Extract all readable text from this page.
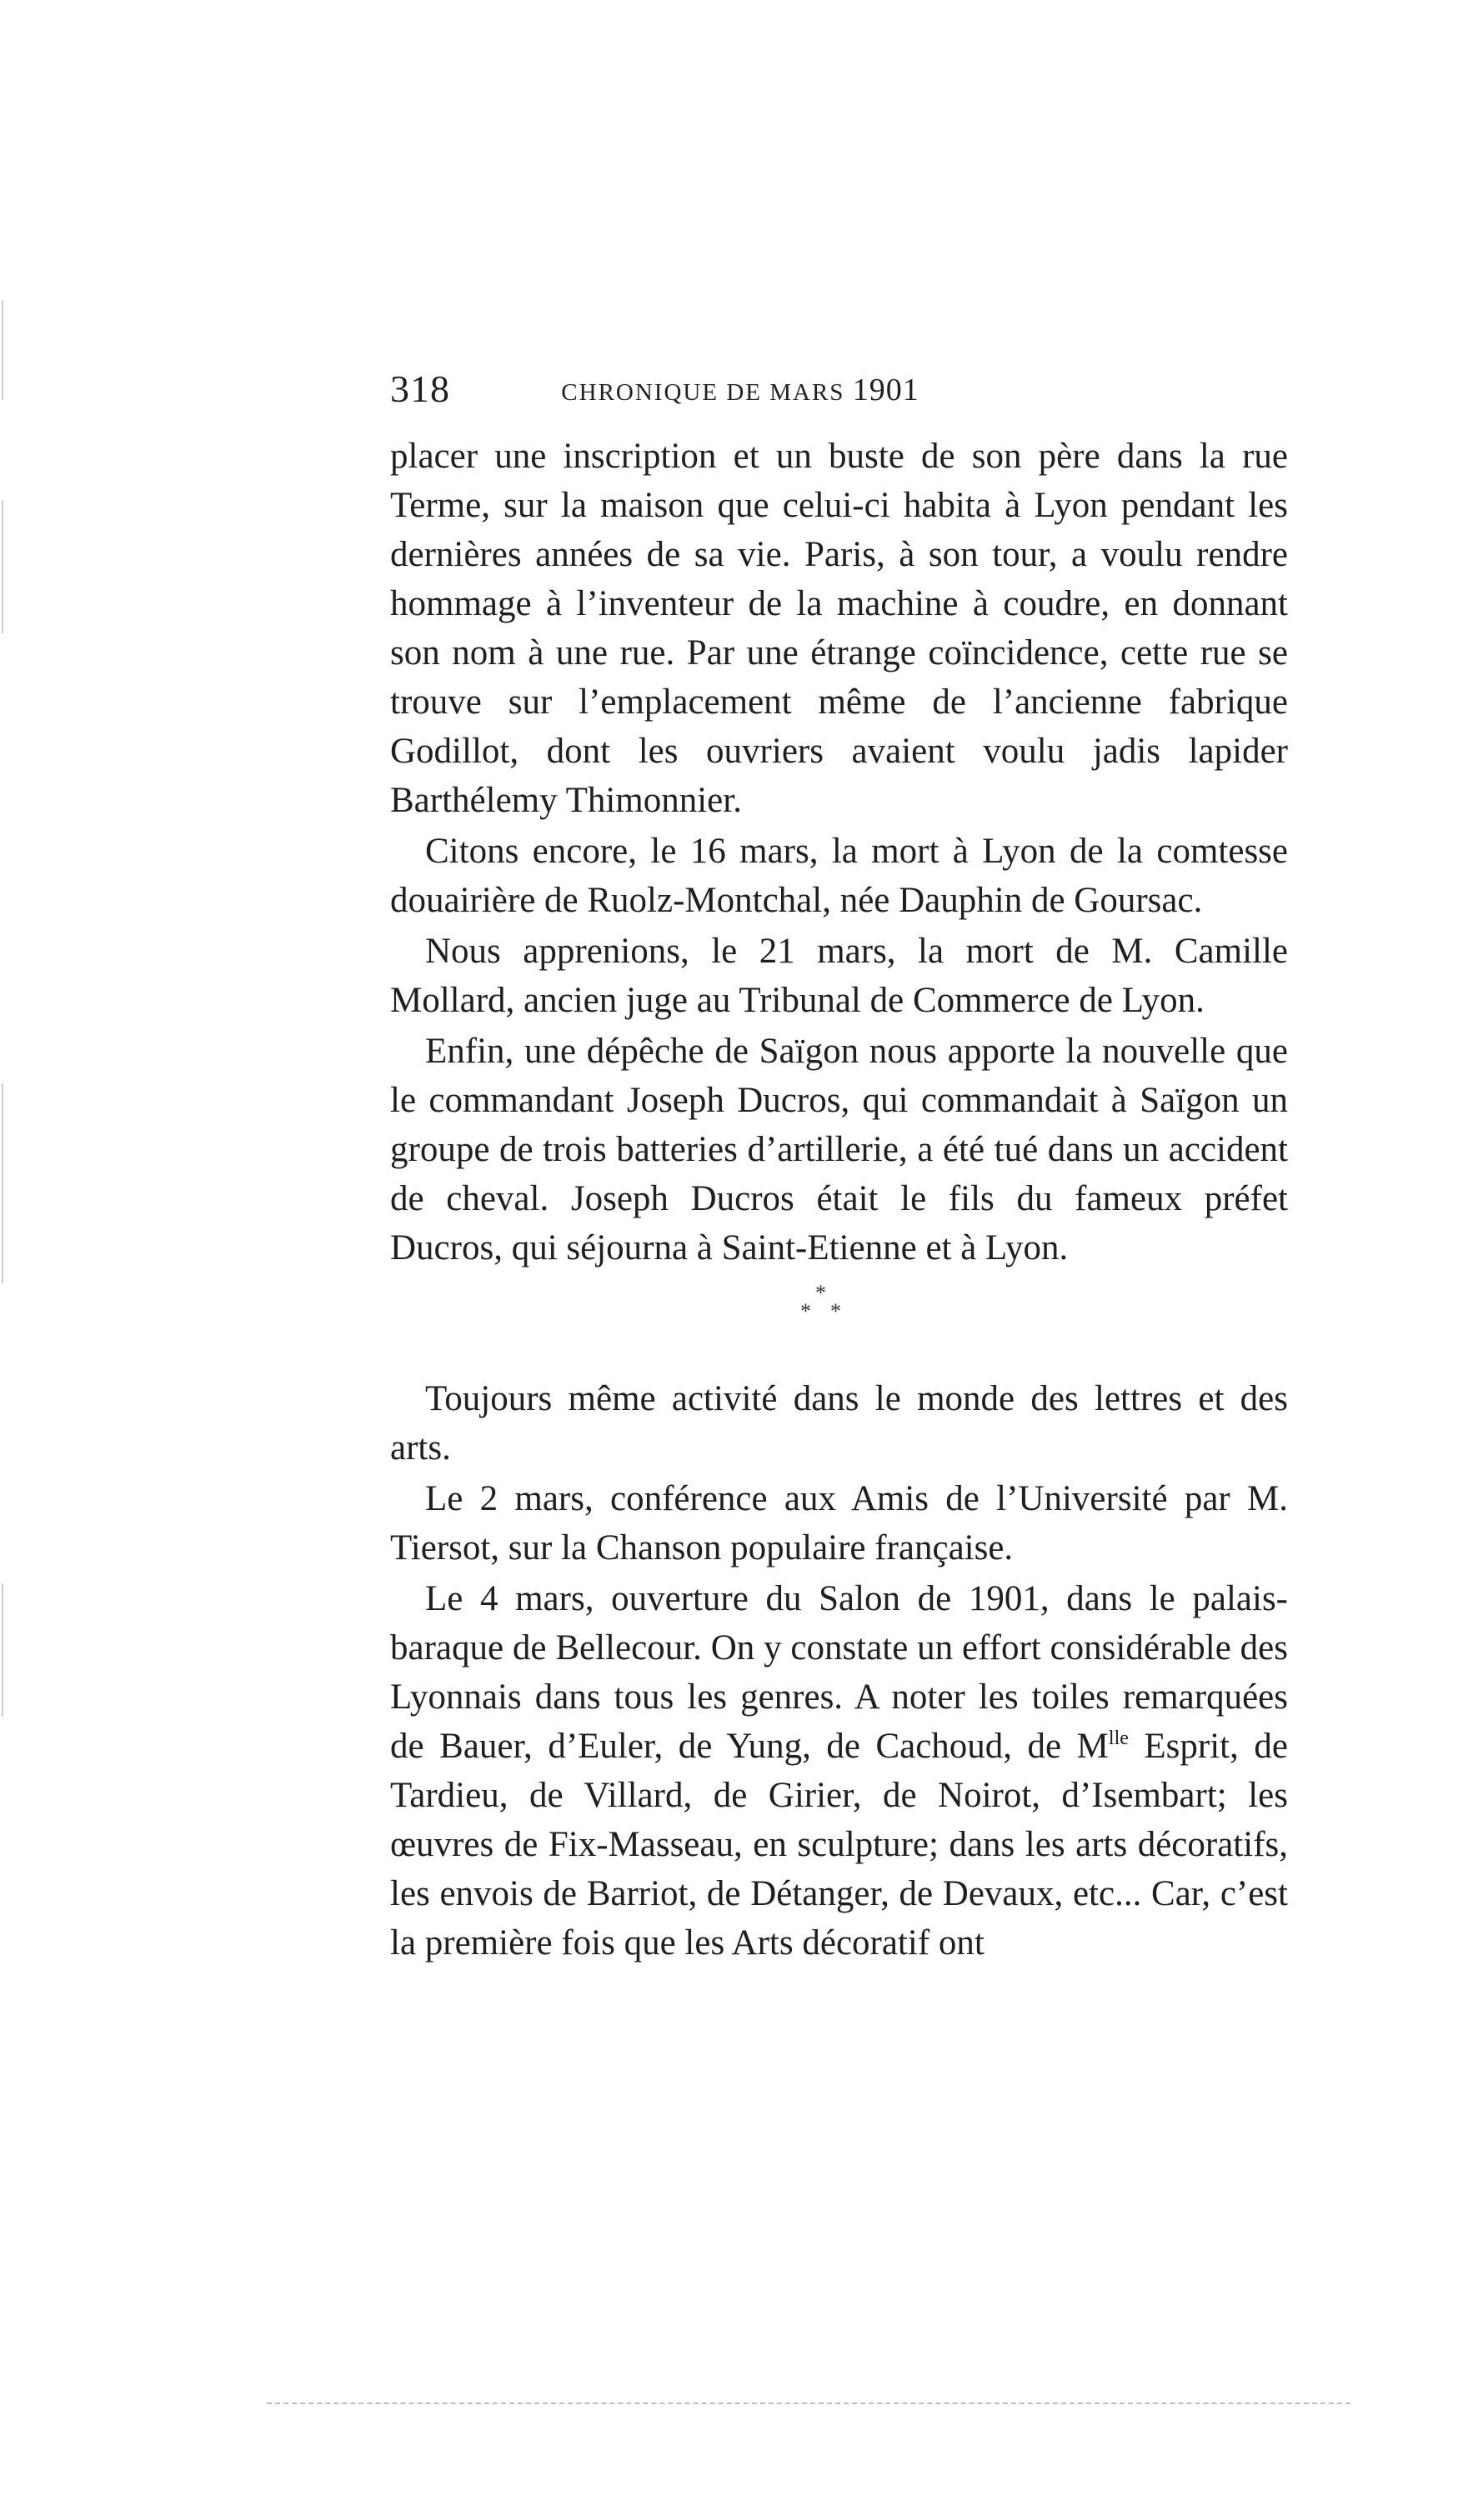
318	CHRONIQUE DE MARS 1901

placer une inscription et un buste de son père dans la rue Terme, sur la maison que celui-ci habita à Lyon pendant les dernières années de sa vie. Paris, à son tour, a voulu rendre hommage à l’inventeur de la machine à coudre, en donnant son nom à une rue. Par une étrange coïncidence, cette rue se trouve sur l’emplacement même de l’ancienne fabrique Godillot, dont les ouvriers avaient voulu jadis lapider Barthélemy Thimonnier.

Citons encore, le 16 mars, la mort à Lyon de la comtesse douairière de Ruolz-Montchal, née Dauphin de Goursac.

Nous apprenions, le 21 mars, la mort de M. Camille Mollard, ancien juge au Tribunal de Commerce de Lyon.

Enfin, une dépêche de Saïgon nous apporte la nouvelle que le commandant Joseph Ducros, qui commandait à Saïgon un groupe de trois batteries d’artillerie, a été tué dans un accident de cheval. Joseph Ducros était le fils du fameux préfet Ducros, qui séjourna à Saint-Etienne et à Lyon.

*
* *

Toujours même activité dans le monde des lettres et des arts.

Le 2 mars, conférence aux Amis de l’Université par M. Tiersot, sur la Chanson populaire française.

Le 4 mars, ouverture du Salon de 1901, dans le palais-baraque de Bellecour. On y constate un effort considérable des Lyonnais dans tous les genres. A noter les toiles remarquées de Bauer, d’Euler, de Yung, de Cachoud, de $M^{lle}$ Esprit, de Tardieu, de Villard, de Girier, de Noirot, d’Isembart; les œuvres de Fix-Masseau, en sculpture; dans les arts décoratifs, les envois de Barriot, de Détanger, de Devaux, etc... Car, c’est la première fois que les Arts décoratif ont
